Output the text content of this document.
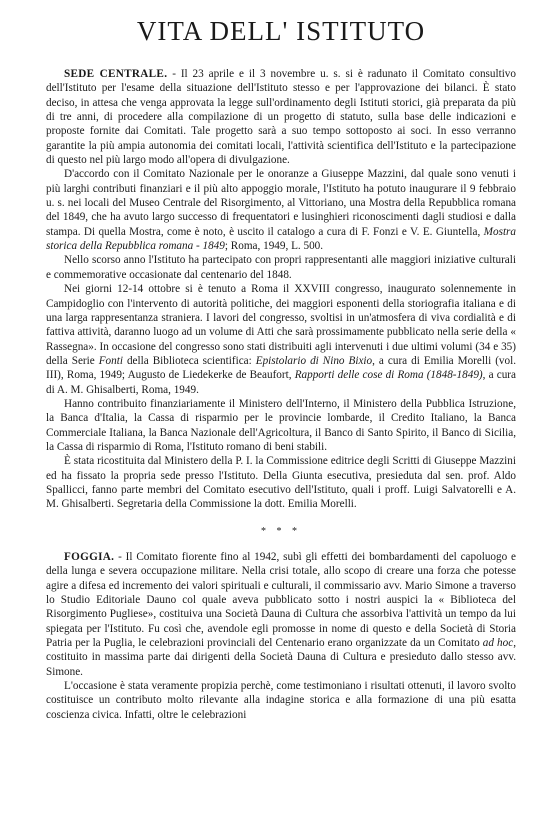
VITA DELL' ISTITUTO

SEDE CENTRALE. - Il 23 aprile e il 3 novembre u. s. si è radunato il Comitato consultivo dell'Istituto per l'esame della situazione dell'Istituto stesso e per l'approvazione dei bilanci. È stato deciso, in attesa che venga approvata la legge sull'ordinamento degli Istituti storici, già preparata da più di tre anni, di procedere alla compilazione di un progetto di statuto, sulla base delle indicazioni e proposte fornite dai Comitati. Tale progetto sarà a suo tempo sottoposto ai soci. In esso verranno garantite la più ampia autonomia dei comitati locali, l'attività scientifica dell'Istituto e la partecipazione di questo nel più largo modo all'opera di divulgazione.

D'accordo con il Comitato Nazionale per le onoranze a Giuseppe Mazzini, dal quale sono venuti i più larghi contributi finanziari e il più alto appoggio morale, l'Istituto ha potuto inaugurare il 9 febbraio u. s. nei locali del Museo Centrale del Risorgimento, al Vittoriano, una Mostra della Repubblica romana del 1849, che ha avuto largo successo di frequentatori e lusinghieri riconoscimenti dagli studiosi e dalla stampa. Di quella Mostra, come è noto, è uscito il catalogo a cura di F. Fonzi e V. E. Giuntella, Mostra storica della Repubblica romana - 1849; Roma, 1949, L. 500.

Nello scorso anno l'Istituto ha partecipato con propri rappresentanti alle maggiori iniziative culturali e commemorative occasionate dal centenario del 1848.

Nei giorni 12-14 ottobre si è tenuto a Roma il XXVIII congresso, inaugurato solennemente in Campidoglio con l'intervento di autorità politiche, dei maggiori esponenti della storiografia italiana e di una larga rappresentanza straniera. I lavori del congresso, svoltisi in un'atmosfera di viva cordialità e di fattiva attività, daranno luogo ad un volume di Atti che sarà prossimamente pubblicato nella serie della « Rassegna». In occasione del congresso sono stati distribuiti agli intervenuti i due ultimi volumi (34 e 35) della Serie Fonti della Biblioteca scientifica: Epistolario di Nino Bixio, a cura di Emilia Morelli (vol. III), Roma, 1949; Augusto de Liedekerke de Beaufort, Rapporti delle cose di Roma (1848-1849), a cura di A. M. Ghisalberti, Roma, 1949.

Hanno contribuito finanziariamente il Ministero dell'Interno, il Ministero della Pubblica Istruzione, la Banca d'Italia, la Cassa di risparmio per le provincie lombarde, il Credito Italiano, la Banca Commerciale Italiana, la Banca Nazionale dell'Agricoltura, il Banco di Santo Spirito, il Banco di Sicilia, la Cassa di risparmio di Roma, l'Istituto romano di beni stabili.

È stata ricostituita dal Ministero della P. I. la Commissione editrice degli Scritti di Giuseppe Mazzini ed ha fissato la propria sede presso l'Istituto. Della Giunta esecutiva, presieduta dal sen. prof. Aldo Spallicci, fanno parte membri del Comitato esecutivo dell'Istituto, quali i proff. Luigi Salvatorelli e A. M. Ghisalberti. Segretaria della Commissione la dott. Emilia Morelli.

* * *

FOGGIA. - Il Comitato fiorente fino al 1942, subì gli effetti dei bombardamenti del capoluogo e della lunga e severa occupazione militare. Nella crisi totale, allo scopo di creare una forza che potesse agire a difesa ed incremento dei valori spirituali e culturali, il commissario avv. Mario Simone a traverso lo Studio Editoriale Dauno col quale aveva pubblicato sotto i nostri auspici la « Biblioteca del Risorgimento Pugliese», costituiva una Società Dauna di Cultura che assorbiva l'attività un tempo da lui spiegata per l'Istituto. Fu così che, avendole egli promosse in nome di questo e della Società di Storia Patria per la Puglia, le celebrazioni provinciali del Centenario erano organizzate da un Comitato ad hoc, costituito in massima parte dai dirigenti della Società Dauna di Cultura e presieduto dallo stesso avv. Simone.

L'occasione è stata veramente propizia perchè, come testimoniano i risultati ottenuti, il lavoro svolto costituisce un contributo molto rilevante alla indagine storica e alla formazione di una più esatta coscienza civica. Infatti, oltre le celebrazioni
